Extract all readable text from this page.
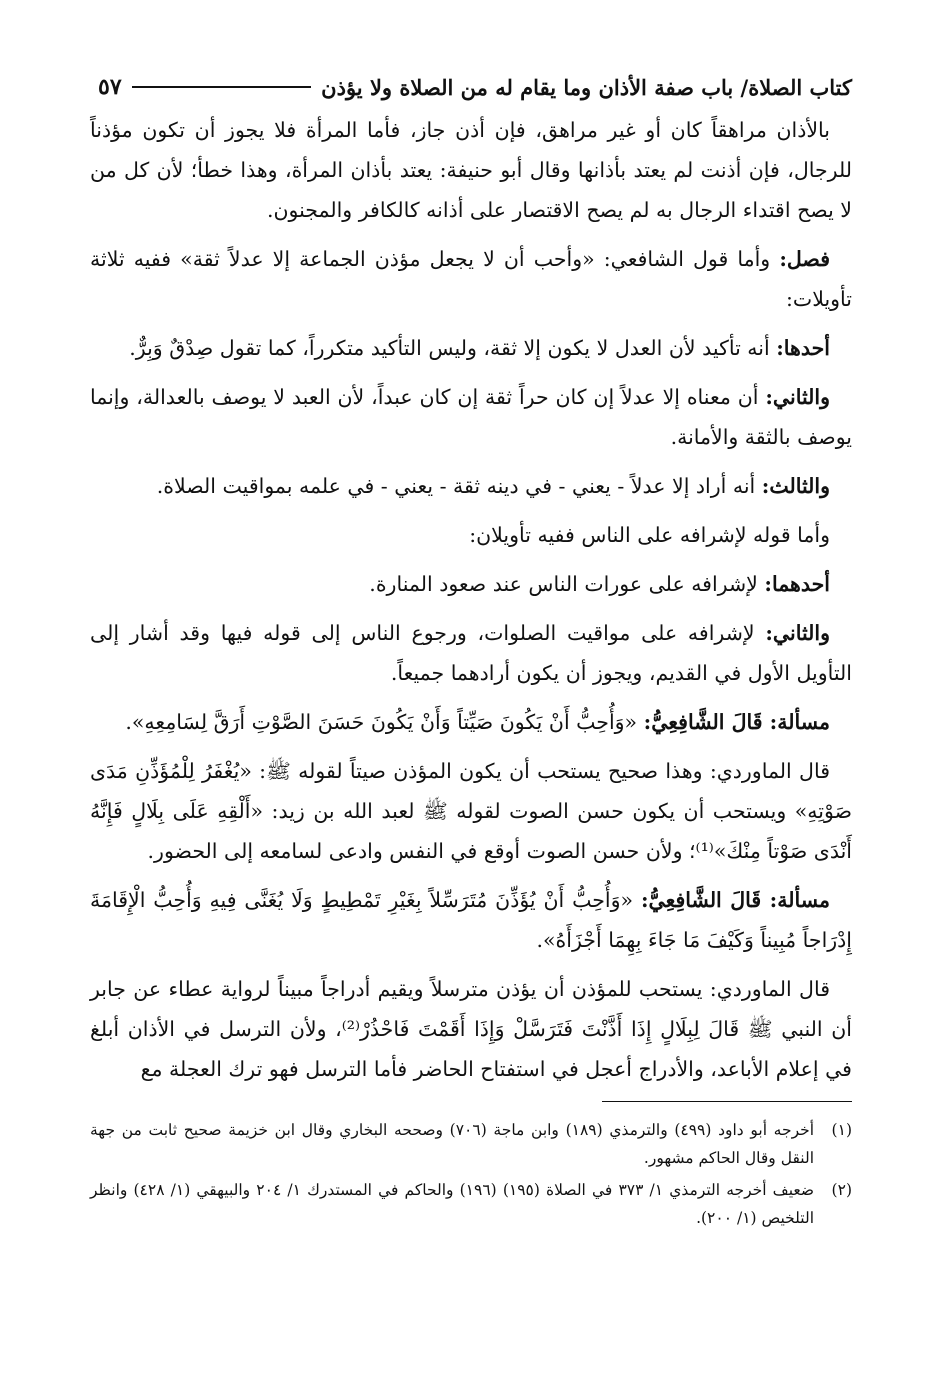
كتاب الصلاة/ باب صفة الأذان وما يقام له من الصلاة ولا يؤذن
٥٧

بالأذان مراهقاً كان أو غير مراهق، فإن أذن جاز، فأما المرأة فلا يجوز أن تكون مؤذناً للرجال، فإن أذنت لم يعتد بأذانها وقال أبو حنيفة: يعتد بأذان المرأة، وهذا خطأ؛ لأن كل من لا يصح اقتداء الرجال به لم يصح الاقتصار على أذانه كالكافر والمجنون.

فصل: وأما قول الشافعي: «وأحب أن لا يجعل مؤذن الجماعة إلا عدلاً ثقة» ففيه ثلاثة تأويلات:

أحدها: أنه تأكيد لأن العدل لا يكون إلا ثقة، وليس التأكيد متكرراً، كما تقول صِدْقٌ وَبِرٌّ.

والثاني: أن معناه إلا عدلاً إن كان حراً ثقة إن كان عبداً، لأن العبد لا يوصف بالعدالة، وإنما يوصف بالثقة والأمانة.

والثالث: أنه أراد إلا عدلاً - يعني - في دينه ثقة - يعني - في علمه بمواقيت الصلاة.

وأما قوله لإشرافه على الناس ففيه تأويلان:

أحدهما: لإشرافه على عورات الناس عند صعود المنارة.

والثاني: لإشرافه على مواقيت الصلوات، ورجوع الناس إلى قوله فيها وقد أشار إلى التأويل الأول في القديم، ويجوز أن يكون أرادهما جميعاً.

مسألة: قَالَ الشَّافِعِيُّ: «وَأُحِبُّ أَنْ يَكُونَ صَيِّتاً وَأَنْ يَكُونَ حَسَنَ الصَّوْتِ أَرَقَّ لِسَامِعِهِ».

قال الماوردي: وهذا صحيح يستحب أن يكون المؤذن صيتاً لقوله ﷺ: «يُغْفَرُ لِلْمُؤَذِّنِ مَدَى صَوْتِهِ» ويستحب أن يكون حسن الصوت لقوله ﷺ لعبد الله بن زيد: «أَلْقِهِ عَلَى بِلَالٍ فَإِنَّهُ أَنْدَى صَوْتاً مِنْكَ»⁽¹⁾؛ ولأن حسن الصوت أوقع في النفس وادعى لسامعه إلى الحضور.

مسألة: قَالَ الشَّافِعِيُّ: «وَأُحِبُّ أَنْ يُؤَذِّنَ مُتَرَسِّلاً بِغَيْرِ تَمْطِيطٍ وَلَا يُغَنَّى فِيهِ وَأُحِبُّ الْإِقَامَةَ إِدْرَاجاً مُبِيناً وَكَيْفَ مَا جَاءَ بِهِمَا أَجْزَأَهُ».

قال الماوردي: يستحب للمؤذن أن يؤذن مترسلاً ويقيم أدراجاً مبيناً لرواية عطاء عن جابر أن النبي ﷺ قَالَ لِبِلَالٍ إِذَا أَذَّنْتَ فَتَرَسَّلْ وَإِذَا أَقَمْتَ فَاحْذُرْ⁽²⁾، ولأن الترسل في الأذان أبلغ في إعلام الأباعد، والأدراج أعجل في استفتاح الحاضر فأما الترسل فهو ترك العجلة مع

(١)
أخرجه أبو داود (٤٩٩) والترمذي (١٨٩) وابن ماجة (٧٠٦) وصححه البخاري وقال ابن خزيمة صحيح ثابت من جهة النقل وقال الحاكم مشهور.
(٢)
ضعيف أخرجه الترمذي ١/ ٣٧٣ في الصلاة (١٩٥) (١٩٦) والحاكم في المستدرك ١/ ٢٠٤ والبيهقي (١/ ٤٢٨) وانظر التلخيص (١/ ٢٠٠).
